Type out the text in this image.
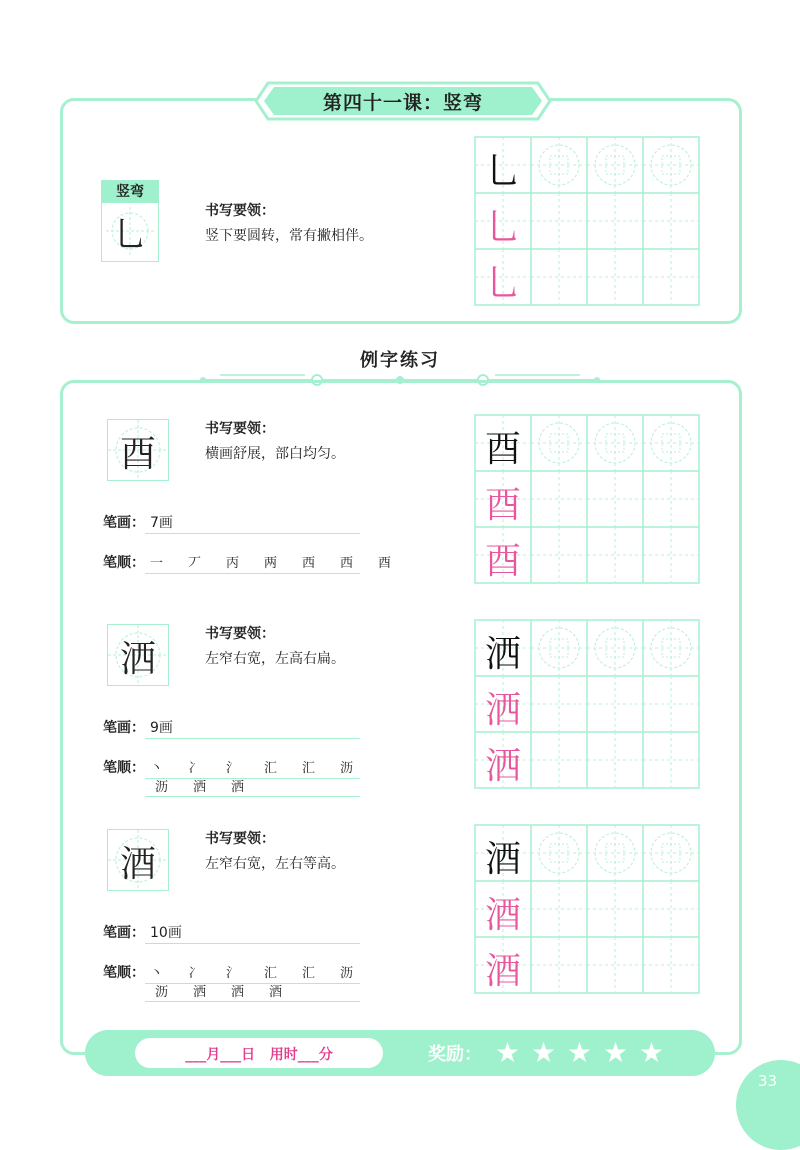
第四十一课：竖弯
竖弯
乚
书写要领：
竖下要圆转，常有撇相伴。
例字练习
酉
书写要领：
横画舒展，部白均匀。
笔画： 7画
笔顺： 一 丆 丙 两 西 西 酉
洒
书写要领：
左窄右宽，左高右扁。
笔画： 9画
笔顺： 丶 冫 氵 汇 汇 沥
沥 洒 洒
酒
书写要领：
左窄右宽，左右等高。
笔画： 10画
笔顺： 丶 冫 氵 汇 汇 沥
沥 洒 洒 酒
乚
乚
乚
酉
酉
酉
洒
洒
洒
酒
酒
酒
___月___日   用时___分	奖励： ★ ★ ★ ★ ★
33
